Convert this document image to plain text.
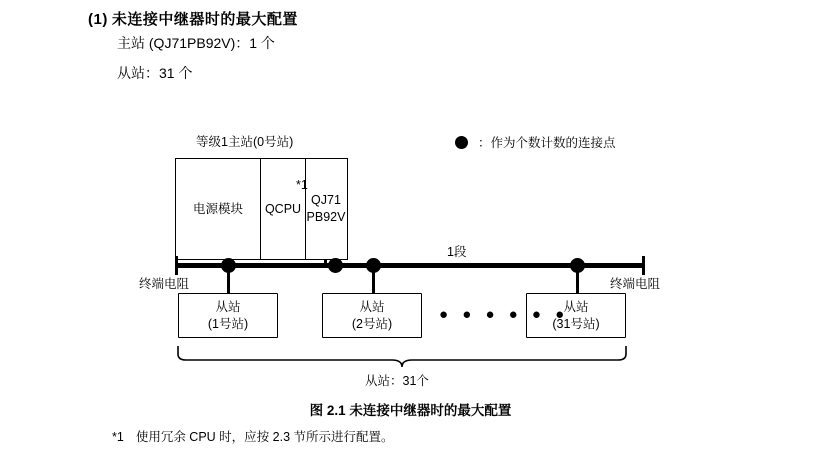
(1) 未连接中继器时的最大配置
主站 (QJ71PB92V)：1 个
从站：31 个
：作为个数计数的连接点
等级1主站(0号站)
电源模块	QCPU
QJ71
PB92V
*1
1段
终端电阻	终端电阻
从站
(1号站)
从站
(2号站)
从站
(31号站)
● ● ● ● ● ●
从站：31个
图 2.1 未连接中继器时的最大配置
*1 使用冗余 CPU 时，应按 2.3 节所示进行配置。
